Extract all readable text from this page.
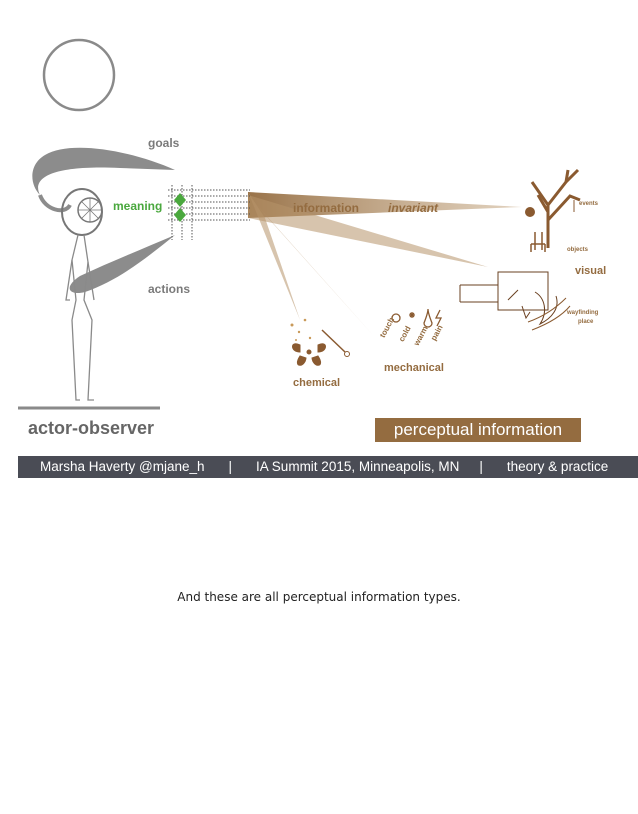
goals
meaning
actions
information invariant
chemical
mechanical
visual
events
objects
wayfinding
place
touch cold warm pain
actor-observer	perceptual information
Marsha Haverty @mjane_h | IA Summit 2015, Minneapolis, MN | theory & practice
And these are all perceptual information types.
